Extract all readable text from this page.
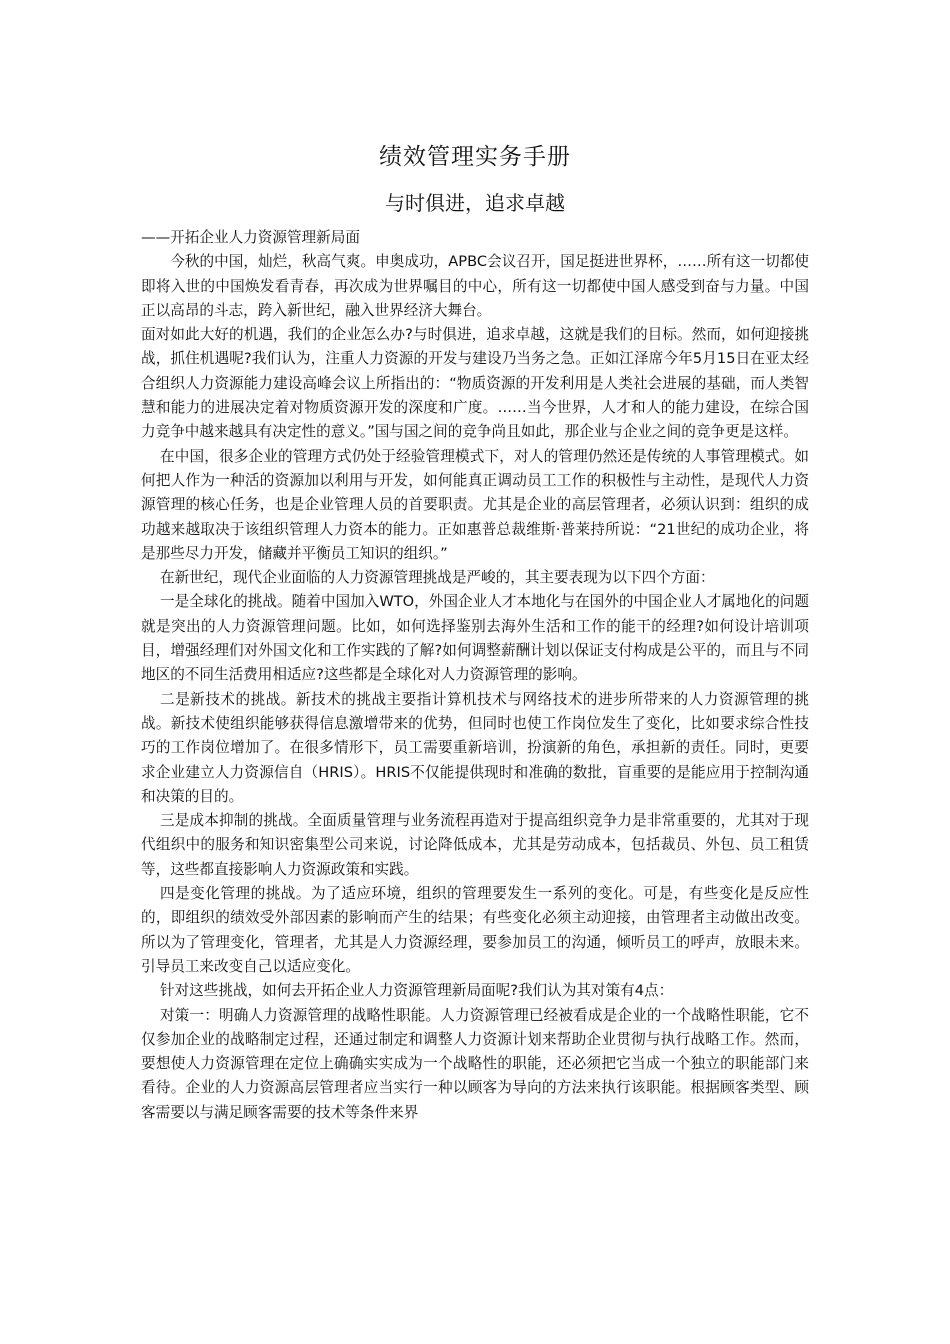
绩效管理实务手册
与时俱进，追求卓越

——开拓企业人力资源管理新局面

今秋的中国，灿烂，秋高气爽。申奥成功，APBC会议召开，国足挺进世界杯，……所有这一切都使即将入世的中国焕发看青春，再次成为世界嘱目的中心，所有这一切都使中国人感受到奋与力量。中国正以高昂的斗志，跨入新世纪，融入世界经济大舞台。

面对如此大好的机遇，我们的企业怎么办?与时俱进，追求卓越，这就是我们的目标。然而，如何迎接挑战，抓住机遇呢?我们认为，注重人力资源的开发与建设乃当务之急。正如江泽席今年5月15日在亚太经合组织人力资源能力建设高峰会议上所指出的：“物质资源的开发利用是人类社会进展的基础，而人类智慧和能力的进展决定着对物质资源开发的深度和广度。……当今世界，人才和人的能力建设，在综合国力竞争中越来越具有决定性的意义。”国与国之间的竞争尚且如此，那企业与企业之间的竞争更是这样。

在中国，很多企业的管理方式仍处于经验管理模式下，对人的管理仍然还是传统的人事管理模式。如何把人作为一种活的资源加以利用与开发，如何能真正调动员工工作的积极性与主动性，是现代人力资源管理的核心任务，也是企业管理人员的首要职责。尤其是企业的高层管理者，必须认识到：组织的成功越来越取决于该组织管理人力资本的能力。正如惠普总裁维斯·普莱持所说：“21世纪的成功企业，将是那些尽力开发，储藏并平衡员工知识的组织。”

在新世纪，现代企业面临的人力资源管理挑战是严峻的，其主要表现为以下四个方面：

一是全球化的挑战。随着中国加入WTO，外国企业人才本地化与在国外的中国企业人才属地化的问题就是突出的人力资源管理问题。比如，如何选择鉴别去海外生活和工作的能干的经理?如何设计培训项目，增强经理们对外国文化和工作实践的了解?如何调整薪酬计划以保证支付构成是公平的，而且与不同地区的不同生活费用相适应?这些都是全球化对人力资源管理的影响。

二是新技术的挑战。新技术的挑战主要指计算机技术与网络技术的进步所带来的人力资源管理的挑战。新技术使组织能够获得信息激增带来的优势，但同时也使工作岗位发生了变化，比如要求综合性技巧的工作岗位增加了。在很多情形下，员工需要重新培训，扮演新的角色，承担新的责任。同时，更要求企业建立人力资源信自（HRIS）。HRIS不仅能提供现时和准确的数批，盲重要的是能应用于控制沟通和决策的目的。

三是成本抑制的挑战。全面质量管理与业务流程再造对于提高组织竞争力是非常重要的，尤其对于现代组织中的服务和知识密集型公司来说，讨论降低成本，尤其是劳动成本，包括裁员、外包、员工租赁等，这些都直接影响人力资源政策和实践。

四是变化管理的挑战。为了适应环境，组织的管理要发生一系列的变化。可是，有些变化是反应性的，即组织的绩效受外部因素的影响而产生的结果；有些变化必须主动迎接，由管理者主动做出改变。所以为了管理变化，管理者，尤其是人力资源经理，要参加员工的沟通，倾听员工的呼声，放眼未来。引导员工来改变自己以适应变化。

针对这些挑战，如何去开拓企业人力资源管理新局面呢?我们认为其对策有4点：

对策一：明确人力资源管理的战略性职能。人力资源管理已经被看成是企业的一个战略性职能，它不仅参加企业的战略制定过程，还通过制定和调整人力资源计划来帮助企业贯彻与执行战略工作。然而，要想使人力资源管理在定位上确确实实成为一个战略性的职能，还必须把它当成一个独立的职能部门来看待。企业的人力资源高层管理者应当实行一种以顾客为导向的方法来执行该职能。根据顾客类型、顾客需要以与满足顾客需要的技术等条件来界
